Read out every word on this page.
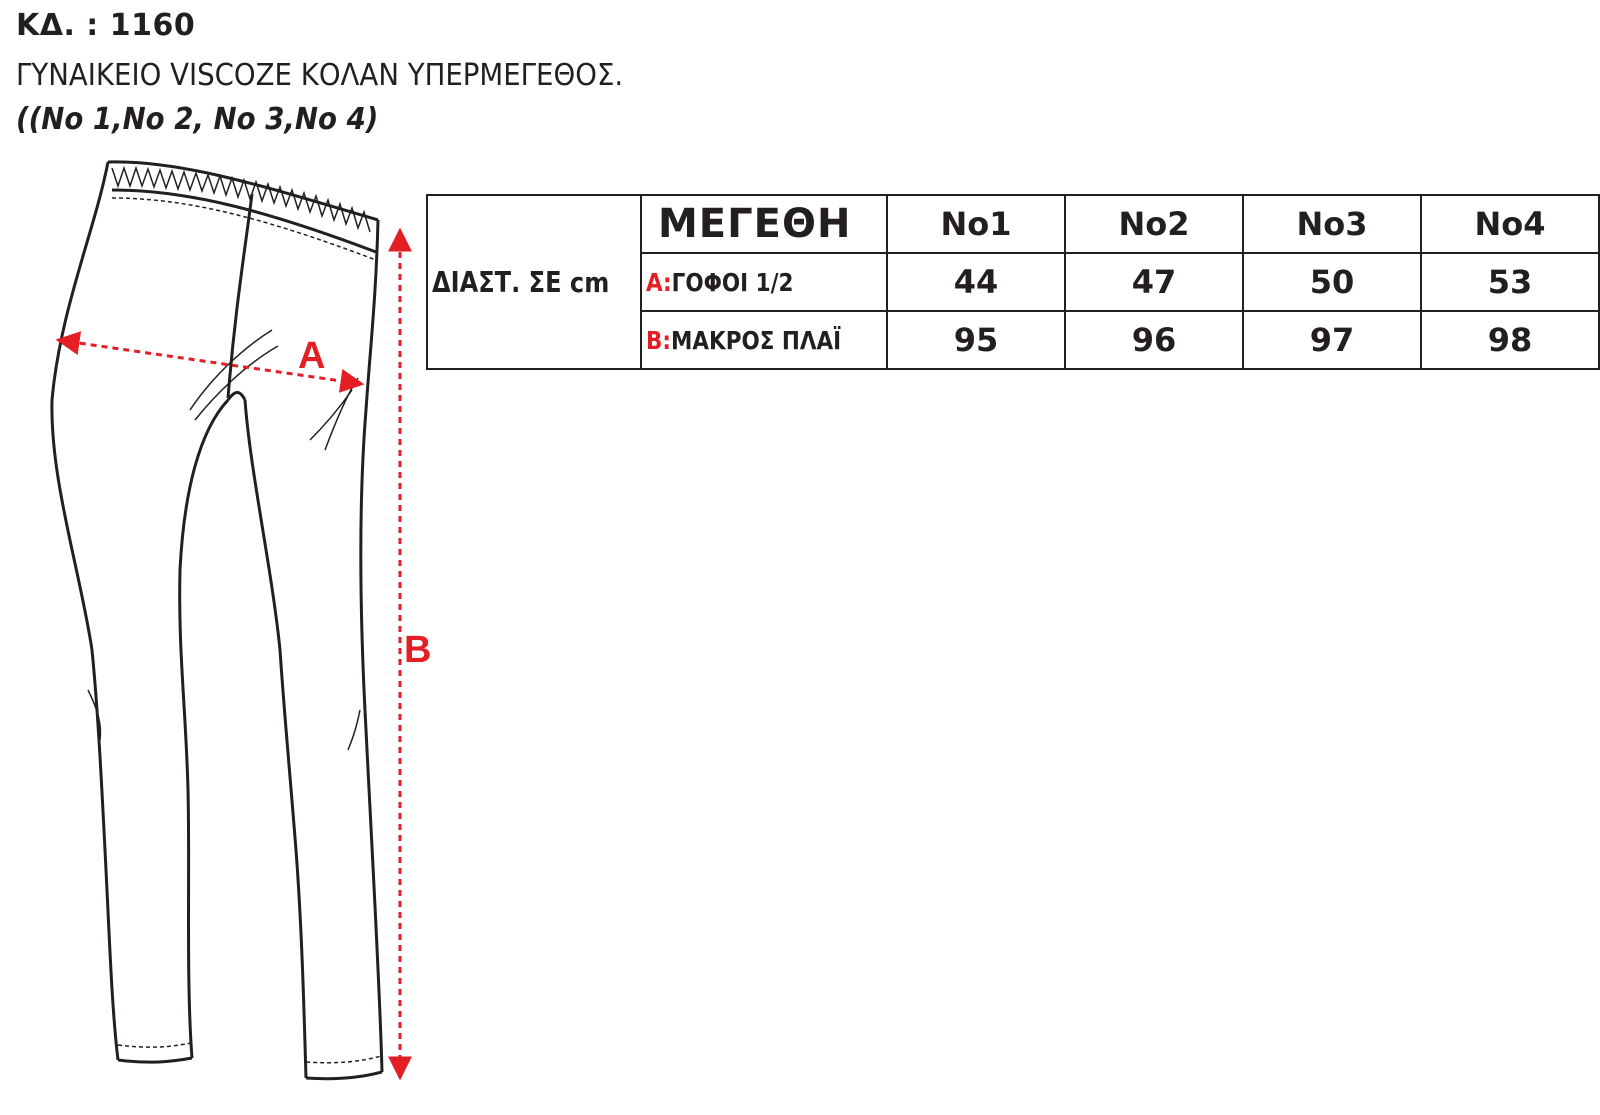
ΚΔ. : 1160
ΓΥΝΑΙΚΕΙΟ VISCOZE ΚΟΛΑΝ ΥΠΕΡΜΕΓΕΘΟΣ.
((No 1,No 2, No 3,No 4)
A
B
ΔΙΑΣΤ. ΣΕ cm	ΜΕΓΕΘΗ	No1	No2	No3	No4
	A:ΓΟΦΟΙ 1/2	44	47	50	53
	B:ΜΑΚΡΟΣ ΠΛΑΪ	95	96	97	98
